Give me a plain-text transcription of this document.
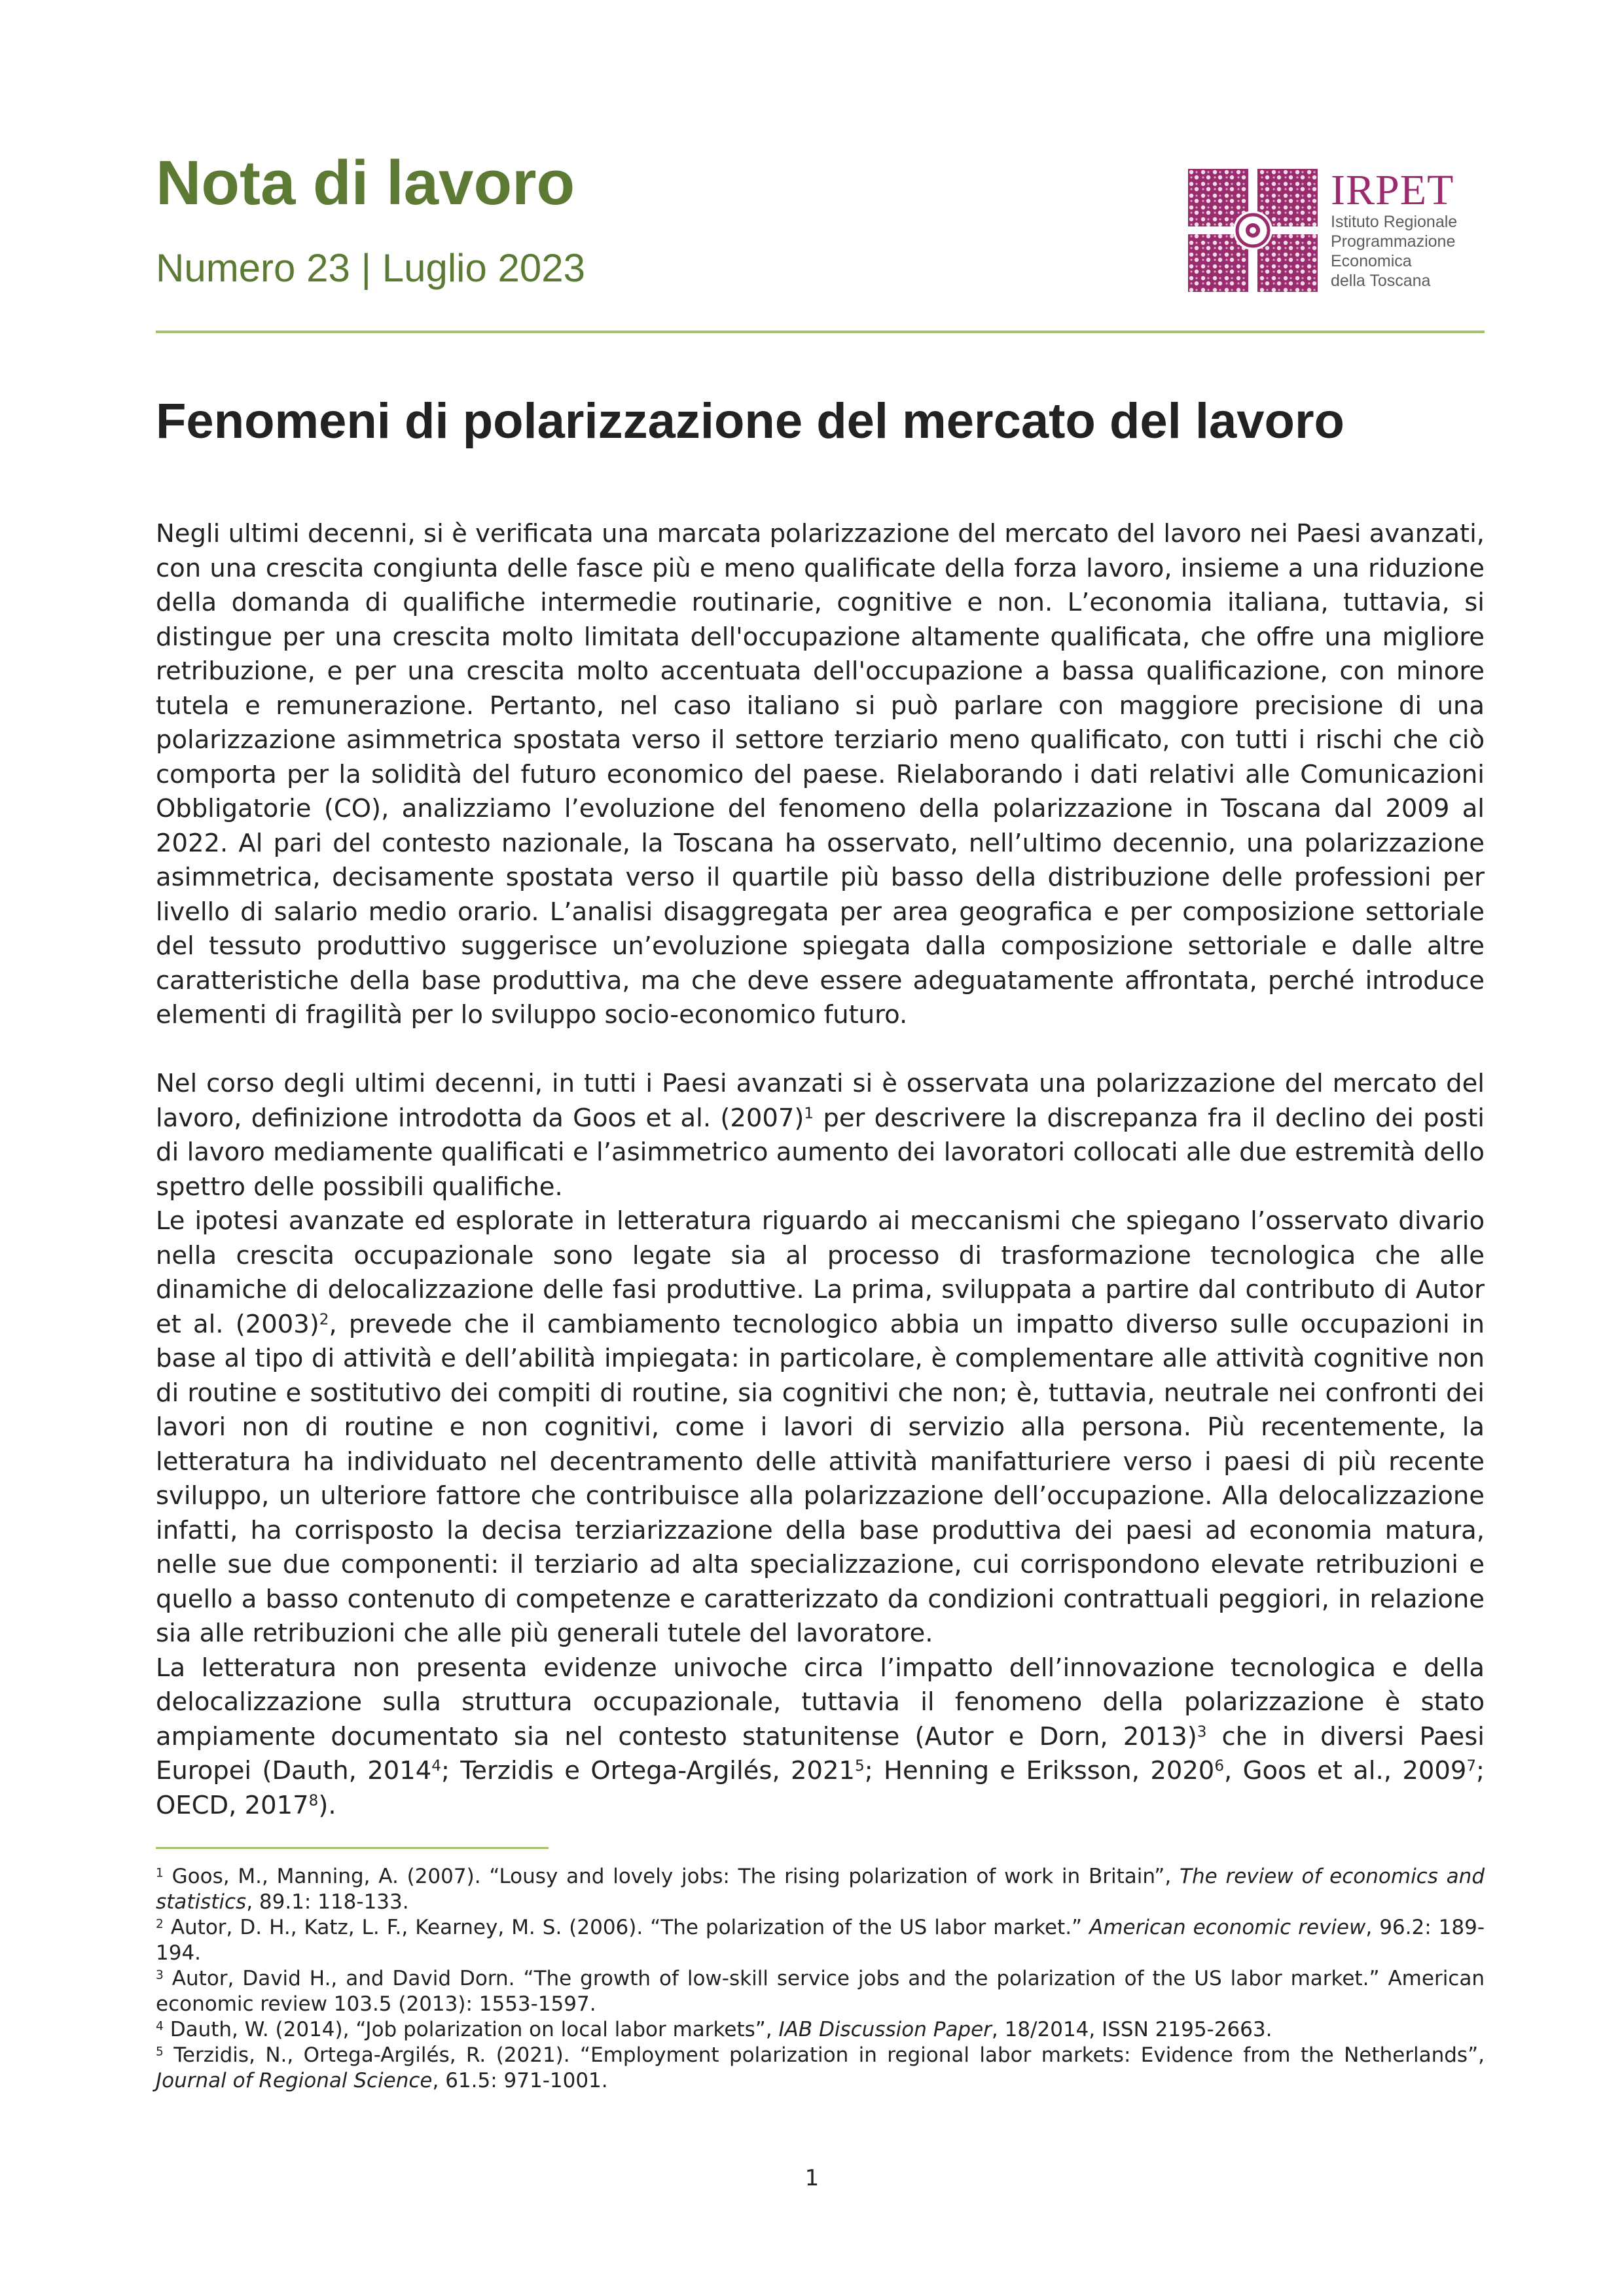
Nota di lavoro
Numero 23 | Luglio 2023
IRPET
Istituto Regionale
Programmazione
Economica
della Toscana
Fenomeni di polarizzazione del mercato del lavoro

Negli ultimi decenni, si è verificata una marcata polarizzazione del mercato del lavoro nei Paesi avanzati, con una crescita congiunta delle fasce più e meno qualificate della forza lavoro, insieme a una riduzione della domanda di qualifiche intermedie routinarie, cognitive e non. L’economia italiana, tuttavia, si distingue per una crescita molto limitata dell'occupazione altamente qualificata, che offre una migliore retribuzione, e per una crescita molto accentuata dell'occupazione a bassa qualificazione, con minore tutela e remunerazione. Pertanto, nel caso italiano si può parlare con maggiore precisione di una polarizzazione asimmetrica spostata verso il settore terziario meno qualificato, con tutti i rischi che ciò comporta per la solidità del futuro economico del paese. Rielaborando i dati relativi alle Comunicazioni Obbligatorie (CO), analizziamo l’evoluzione del fenomeno della polarizzazione in Toscana dal 2009 al 2022. Al pari del contesto nazionale, la Toscana ha osservato, nell’ultimo decennio, una polarizzazione asimmetrica, decisamente spostata verso il quartile più basso della distribuzione delle professioni per livello di salario medio orario. L’analisi disaggregata per area geografica e per composizione settoriale del tessuto produttivo suggerisce un’evoluzione spiegata dalla composizione settoriale e dalle altre caratteristiche della base produttiva, ma che deve essere adeguatamente affrontata, perché introduce elementi di fragilità per lo sviluppo socio-economico futuro.

Nel corso degli ultimi decenni, in tutti i Paesi avanzati si è osservata una polarizzazione del mercato del lavoro, definizione introdotta da Goos et al. (2007)$^1$ per descrivere la discrepanza fra il declino dei posti di lavoro mediamente qualificati e l’asimmetrico aumento dei lavoratori collocati alle due estremità dello spettro delle possibili qualifiche.

Le ipotesi avanzate ed esplorate in letteratura riguardo ai meccanismi che spiegano l’osservato divario nella crescita occupazionale sono legate sia al processo di trasformazione tecnologica che alle dinamiche di delocalizzazione delle fasi produttive. La prima, sviluppata a partire dal contributo di Autor et al. (2003)$^2$, prevede che il cambiamento tecnologico abbia un impatto diverso sulle occupazioni in base al tipo di attività e dell’abilità impiegata: in particolare, è complementare alle attività cognitive non di routine e sostitutivo dei compiti di routine, sia cognitivi che non; è, tuttavia, neutrale nei confronti dei lavori non di routine e non cognitivi, come i lavori di servizio alla persona. Più recentemente, la letteratura ha individuato nel decentramento delle attività manifatturiere verso i paesi di più recente sviluppo, un ulteriore fattore che contribuisce alla polarizzazione dell’occupazione. Alla delocalizzazione infatti, ha corrisposto la decisa terziarizzazione della base produttiva dei paesi ad economia matura, nelle sue due componenti: il terziario ad alta specializzazione, cui corrispondono elevate retribuzioni e quello a basso contenuto di competenze e caratterizzato da condizioni contrattuali peggiori, in relazione sia alle retribuzioni che alle più generali tutele del lavoratore.

La letteratura non presenta evidenze univoche circa l’impatto dell’innovazione tecnologica e della delocalizzazione sulla struttura occupazionale, tuttavia il fenomeno della polarizzazione è stato ampiamente documentato sia nel contesto statunitense (Autor e Dorn, 2013)$^3$ che in diversi Paesi Europei (Dauth, 2014$^4$; Terzidis e Ortega-Argilés, 2021$^5$; Henning e Eriksson, 2020$^6$, Goos et al., 2009$^7$; OECD, 2017$^8$).

$^1$ Goos, M., Manning, A. (2007). “Lousy and lovely jobs: The rising polarization of work in Britain”, The review of economics and statistics, 89.1: 118-133.

$^2$ Autor, D. H., Katz, L. F., Kearney, M. S. (2006). “The polarization of the US labor market.” American economic review, 96.2: 189-194.

$^3$ Autor, David H., and David Dorn. “The growth of low-skill service jobs and the polarization of the US labor market.” American economic review 103.5 (2013): 1553-1597.

$^4$ Dauth, W. (2014), “Job polarization on local labor markets”, IAB Discussion Paper, 18/2014, ISSN 2195-2663.

$^5$ Terzidis, N., Ortega-Argilés, R. (2021). “Employment polarization in regional labor markets: Evidence from the Netherlands”, Journal of Regional Science, 61.5: 971-1001.

1
